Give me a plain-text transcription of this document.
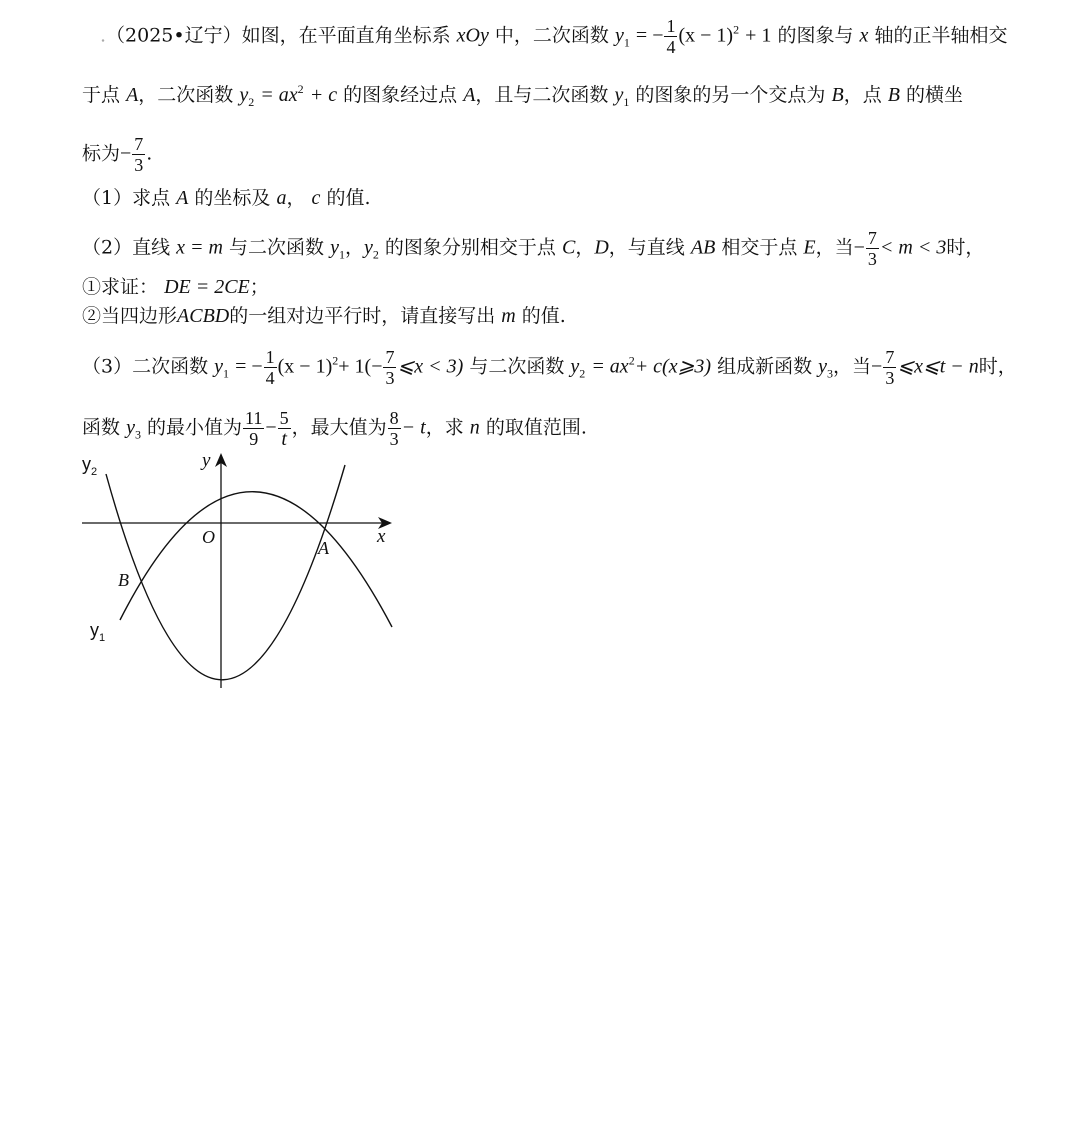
.（2025•辽宁）如图，在平面直角坐标系 xOy 中，二次函数 $y_1$ = − $\frac{1}{4} (x - 1)^2 + 1$ 的图象与 x 轴的正半轴相交
于点 A，二次函数 $y_2 = ax^2 + c$ 的图象经过点 A，且与二次函数 $y_1$ 的图象的另一个交点为 B，点 B 的横坐
标为− $\frac{7}{3}$ .
（1）求点 A 的坐标及 a， c 的值.
（2）直线 x = m 与二次函数 $y_1$，$y_2$ 的图象分别相交于点 C，D，与直线 AB 相交于点 E，当− $\frac{7}{3} < m < 3$时，
①求证： DE = 2CE；
②当四边形ACBD的一组对边平行时，请直接写出 m 的值.
（3）二次函数 $y_1$ = − $\frac{1}{4} (x - 1)^2+ 1(- \frac{7}{3}$ ⩽x < 3) 与二次函数 $y_2 = ax^2+$ c(x⩾3) 组成新函数 $y_3$，当− $\frac{7}{3}$ ⩽x⩽t − n时，
函数 $y_3$ 的最小值为 $\frac{11}{9} - \frac{5}{t}$ ，最大值为 $\frac{8}{3} - t$，求 n 的取值范围.
$y_2$
$y_1$
y
x
O
A
B
